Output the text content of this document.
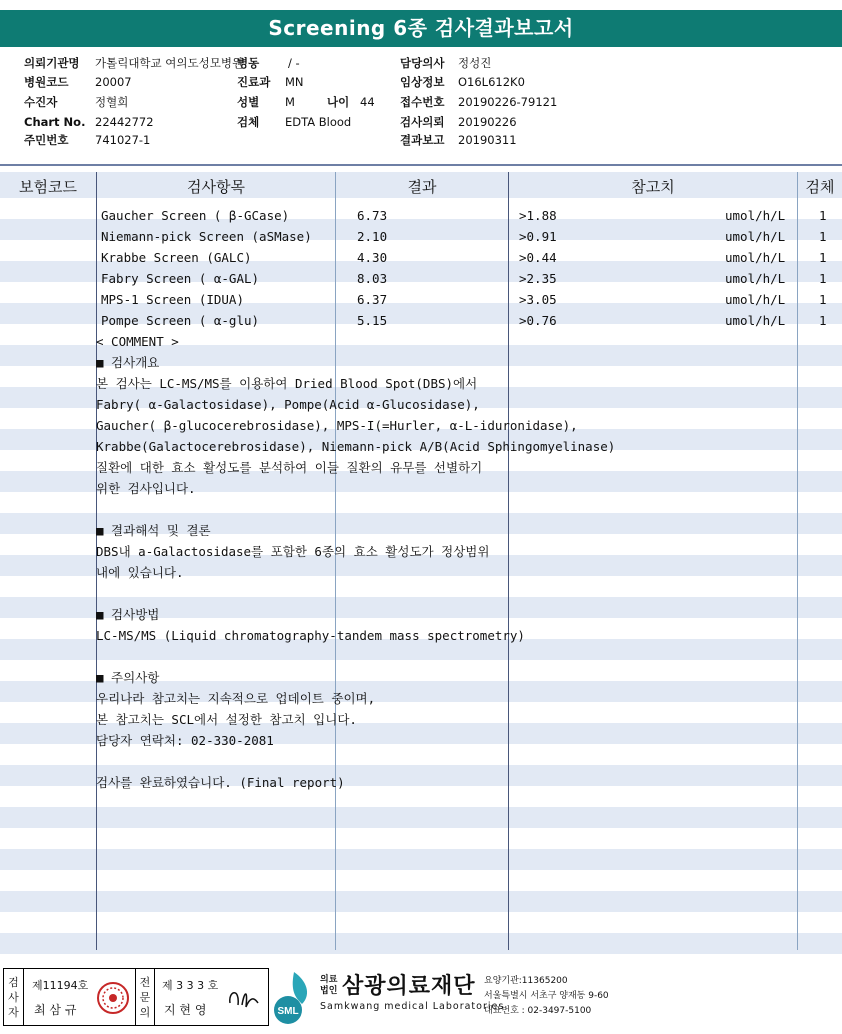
Screening 6종 검사결과보고서
의뢰기관명 가톨릭대학교 여의도성모병원
병원코드 20007
수진자	정혈희
Chart No. 22442772
주민번호 741027-1
병동	/ -
진료과 MN
성별 M
검체 EDTA Blood
나이 44
담당의사 정성진
임상정보 O16L612K0
접수번호 20190226-79121
검사의뢰 20190226
결과보고 20190311
보험코드	검사항목	결과	참고치	검체
Gaucher Screen ( β-GCase)	6.73	>1.88	umol/h/L	1
Niemann-pick Screen (aSMase)	2.10	>0.91	umol/h/L	1
Krabbe Screen (GALC)	4.30	>0.44	umol/h/L	1
Fabry Screen ( α-GAL)	8.03	>2.35	umol/h/L	1
MPS-1 Screen (IDUA)	6.37	>3.05	umol/h/L	1
Pompe Screen ( α-glu)	5.15	>0.76	umol/h/L	1
< COMMENT >
■ 검사개요
본 검사는 LC-MS/MS를 이용하여 Dried Blood Spot(DBS)에서
Fabry( α-Galactosidase), Pompe(Acid α-Glucosidase),
Gaucher( β-glucocerebrosidase), MPS-I(=Hurler, α-L-iduronidase),
Krabbe(Galactocerebrosidase), Niemann-pick A/B(Acid Sphingomyelinase)
질환에 대한 효소 활성도를 분석하여 이들 질환의 유무를 선별하기
위한 검사입니다.
■ 결과해석 및 결론
DBS내 a-Galactosidase를 포함한 6종의 효소 활성도가 정상범위
내에 있습니다.
■ 검사방법
LC-MS/MS (Liquid chromatography-tandem mass spectrometry)
■ 주의사항
우리나라 참고치는 지속적으로 업데이트 중이며,
본 참고치는 SCL에서 설정한 참고치 입니다.
담당자 연락처: 02-330-2081
검사를 완료하였습니다. (Final report)
검사자
제11194호
최 삼 규
전문의
제 3 3 3 호
지 현 영	SML
의료법인 삼광의료재단
Samkwang medical Laboratories
요양기관:11365200
서울특별시 서초구 양재동 9-60
대표번호 : 02-3497-5100
